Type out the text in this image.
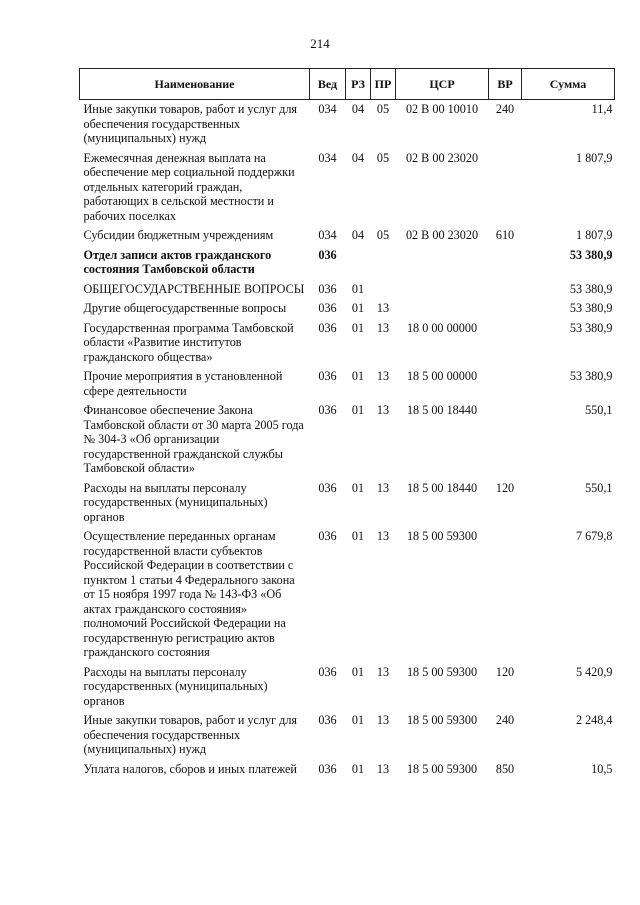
214
Наименование	Вед	РЗ	ПР	ЦСР	ВР	Сумма
Иные закупки товаров, работ и услуг для обеспечения государственных (муниципальных) нужд	034	04	05	02 В 00 10010	240	11,4
Ежемесячная денежная выплата на обеспечение мер социальной поддержки отдельных категорий граждан, работающих в сельской местности и рабочих поселках	034	04	05	02 В 00 23020		1 807,9
Субсидии бюджетным учреждениям	034	04	05	02 В 00 23020	610	1 807,9
Отдел записи актов гражданского состояния Тамбовской области	036					53 380,9
ОБЩЕГОСУДАРСТВЕННЫЕ ВОПРОСЫ	036	01				53 380,9
Другие общегосударственные вопросы	036	01	13			53 380,9
Государственная программа Тамбовской области «Развитие институтов гражданского общества»	036	01	13	18 0 00 00000		53 380,9
Прочие мероприятия в установленной сфере деятельности	036	01	13	18 5 00 00000		53 380,9
Финансовое обеспечение Закона Тамбовской области от 30 марта 2005 года № 304-З «Об организации государственной гражданской службы Тамбовской области»	036	01	13	18 5 00 18440		550,1
Расходы на выплаты персоналу государственных (муниципальных) органов	036	01	13	18 5 00 18440	120	550,1
Осуществление переданных органам государственной власти субъектов Российской Федерации в соответствии с пунктом 1 статьи 4 Федерального закона от 15 ноября 1997 года № 143-ФЗ «Об актах гражданского состояния» полномочий Российской Федерации на государственную регистрацию актов гражданского состояния	036	01	13	18 5 00 59300		7 679,8
Расходы на выплаты персоналу государственных (муниципальных) органов	036	01	13	18 5 00 59300	120	5 420,9
Иные закупки товаров, работ и услуг для обеспечения государственных (муниципальных) нужд	036	01	13	18 5 00 59300	240	2 248,4
Уплата налогов, сборов и иных платежей	036	01	13	18 5 00 59300	850	10,5
